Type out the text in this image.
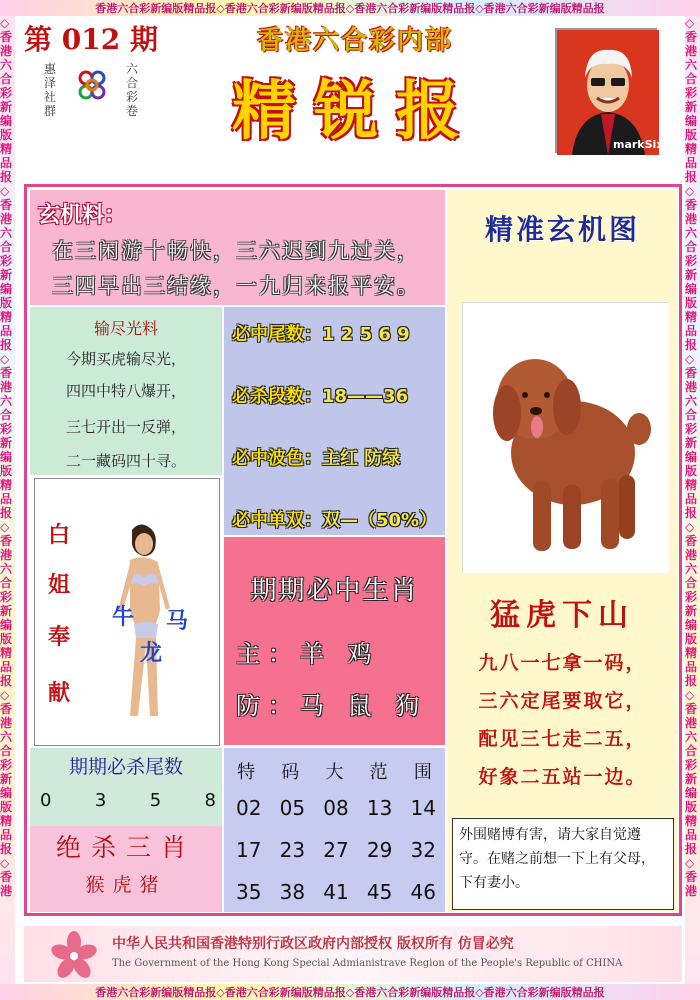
香港六合彩新编版精品报◇香港六合彩新编版精品报◇香港六合彩新编版精品报◇香港六合彩新编版精品报
香港六合彩新编版精品报◇香港六合彩新编版精品报◇香港六合彩新编版精品报◇香港六合彩新编版精品报
◇香港六合彩新编版精品报◇香港六合彩新编版精品报◇香港六合彩新编版精品报◇香港六合彩新编版精品报◇香港六合彩新编版精品报◇香港
◇香港六合彩新编版精品报◇香港六合彩新编版精品报◇香港六合彩新编版精品报◇香港六合彩新编版精品报◇香港六合彩新编版精品报◇香港
第 012 期
惠泽社群
六合彩卷
香港六合彩内部
精锐报	markSix
玄机料：
在三闲游十畅快，三六迟到九过关，
三四早出三结缘，一九归来报平安。
输尽光料
今期买虎输尽光，
四四中特八爆开，
三七开出一反弹，
二一藏码四十寻。
必中尾数：1 2 5 6 9
必杀段数：18——36
必中波色：主红 防绿
必中单双：双—（50%）
白
姐
奉
献
牛 马
龙
期期必中生肖
主：羊 鸡
防：马 鼠 狗
期期必杀尾数
0 3 5 8
绝杀三肖
猴虎猪
特 码 大 范 围
02 05 08 13 14
17 23 27 29 32
35 38 41 45 46
精准玄机图
猛虎下山
九八一七拿一码，
三六定尾要取它，
配见三七走二五，
好象二五站一边。
外围赌博有害，请大家自觉遵守。在赌之前想一下上有父母，下有妻小。
中华人民共和国香港特别行政区政府内部授权 版权所有 仿冒必究
The Government of the Hong Kong Special Admianistrave Region of the People's Republic of CHINA
